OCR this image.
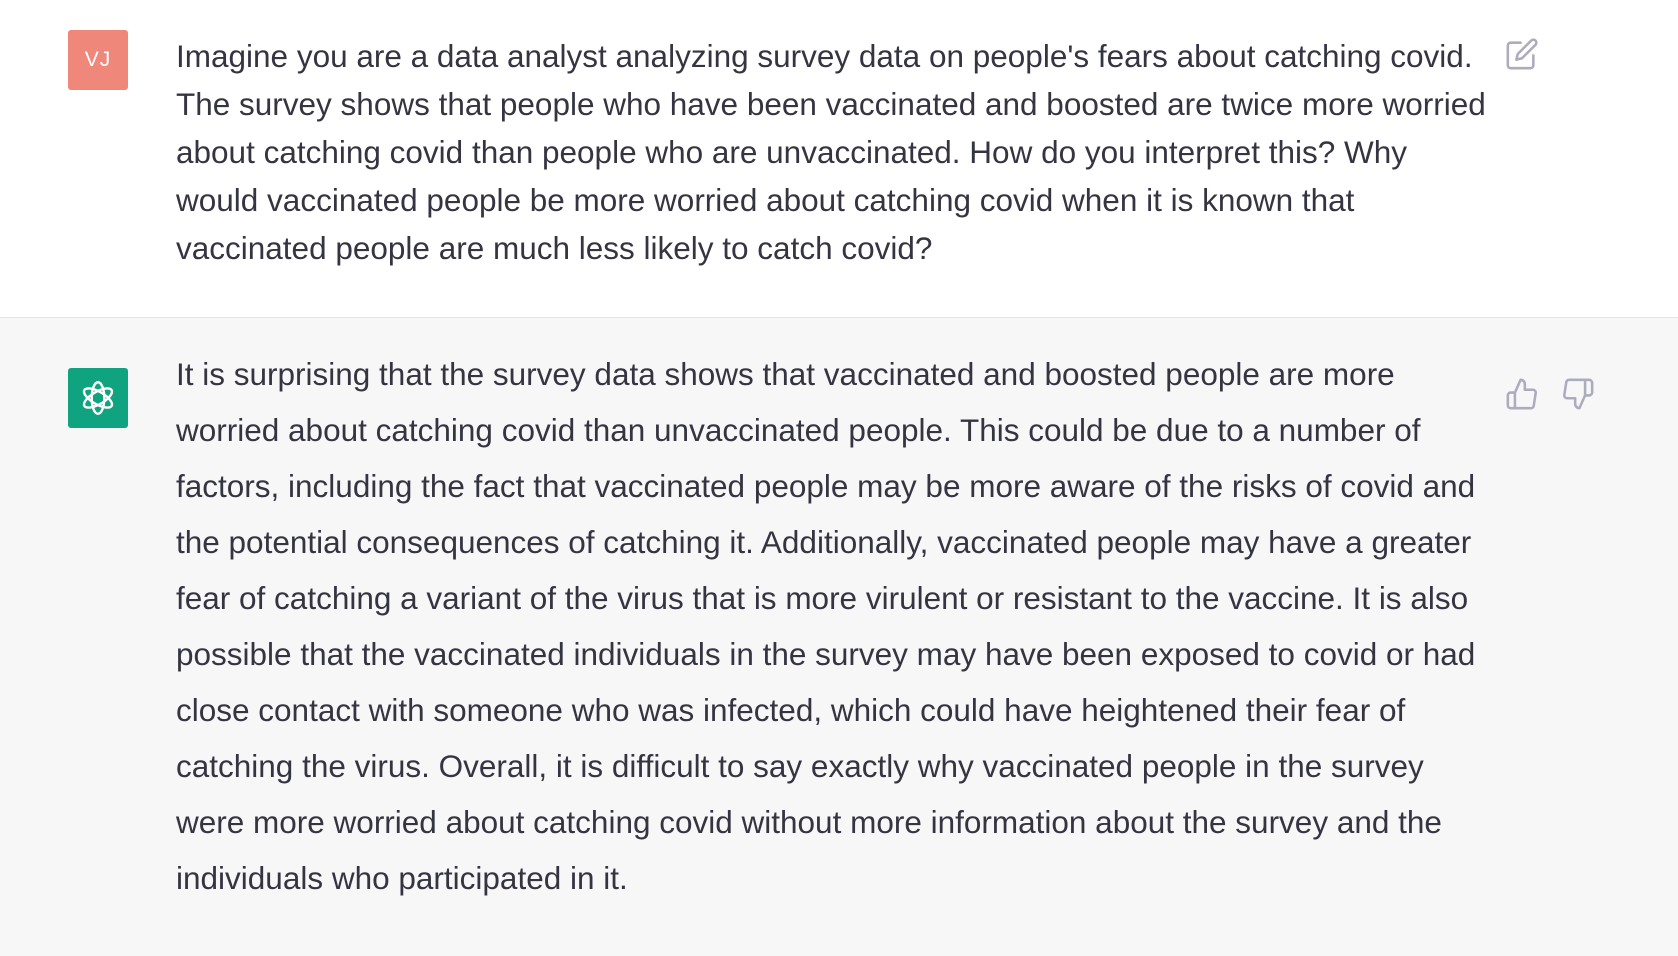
VJ Imagine you are a data analyst analyzing survey data on people's fears about catching covid. The survey shows that people who have been vaccinated and boosted are twice more worried about catching covid than people who are unvaccinated. How do you interpret this? Why would vaccinated people be more worried about catching covid when it is known that vaccinated people are much less likely to catch covid?

It is surprising that the survey data shows that vaccinated and boosted people are more worried about catching covid than unvaccinated people. This could be due to a number of factors, including the fact that vaccinated people may be more aware of the risks of covid and the potential consequences of catching it. Additionally, vaccinated people may have a greater fear of catching a variant of the virus that is more virulent or resistant to the vaccine. It is also possible that the vaccinated individuals in the survey may have been exposed to covid or had close contact with someone who was infected, which could have heightened their fear of catching the virus. Overall, it is difficult to say exactly why vaccinated people in the survey were more worried about catching covid without more information about the survey and the individuals who participated in it.
